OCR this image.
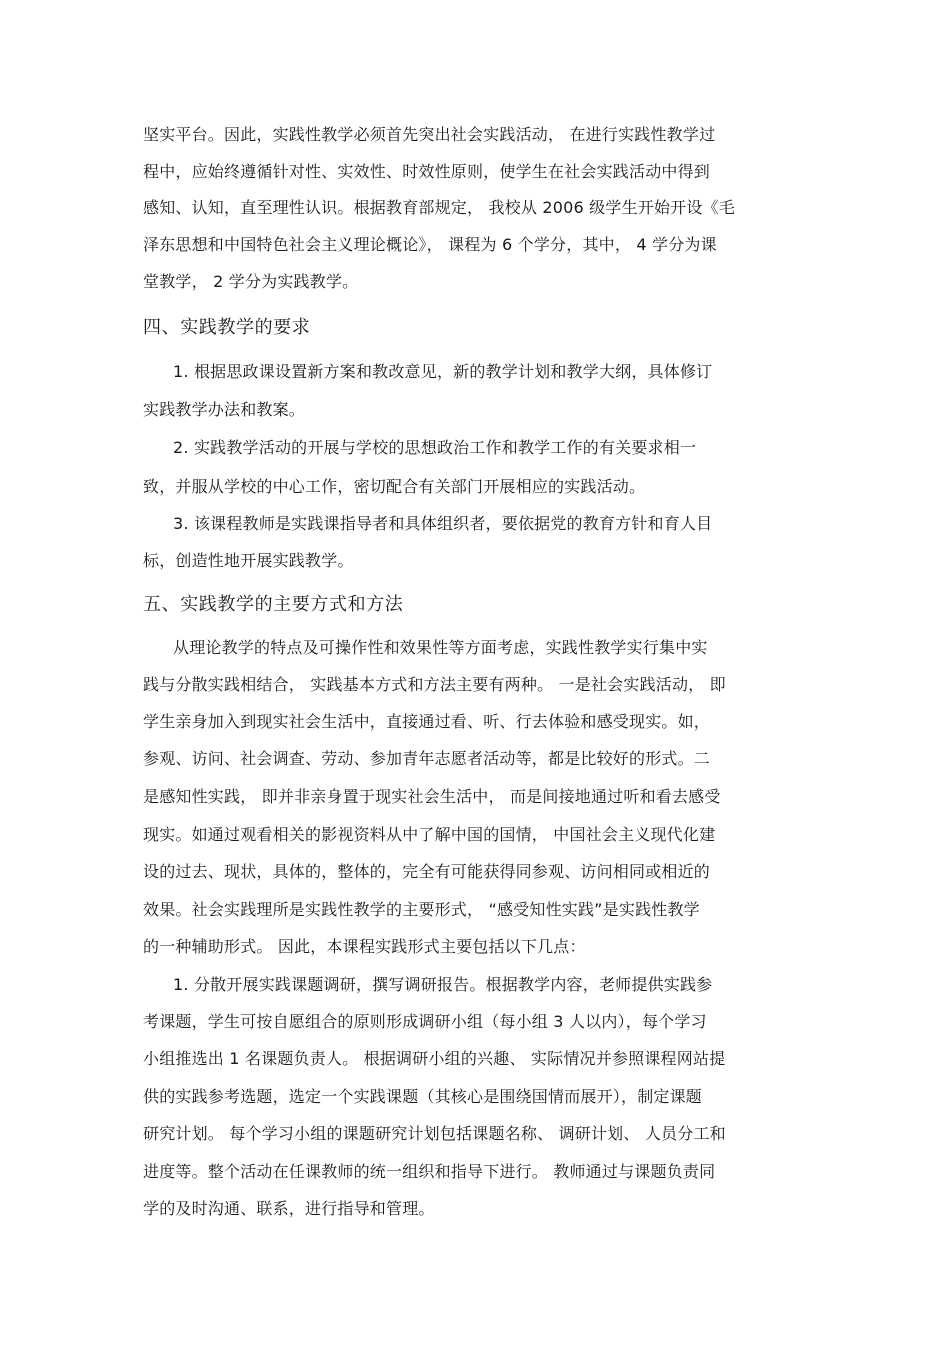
坚实平台。因此，实践性教学必须首先突出社会实践活动， 在进行实践性教学过
程中，应始终遵循针对性、实效性、时效性原则，使学生在社会实践活动中得到
感知、认知，直至理性认识。根据教育部规定， 我校从 2006 级学生开始开设《毛
泽东思想和中国特色社会主义理论概论》， 课程为 6 个学分，其中， 4 学分为课
堂教学， 2 学分为实践教学。
四、实践教学的要求
1. 根据思政课设置新方案和教改意见，新的教学计划和教学大纲，具体修订
实践教学办法和教案。
2. 实践教学活动的开展与学校的思想政治工作和教学工作的有关要求相一
致，并服从学校的中心工作，密切配合有关部门开展相应的实践活动。
3. 该课程教师是实践课指导者和具体组织者，要依据党的教育方针和育人目
标，创造性地开展实践教学。
五、实践教学的主要方式和方法
从理论教学的特点及可操作性和效果性等方面考虑，实践性教学实行集中实
践与分散实践相结合， 实践基本方式和方法主要有两种。 一是社会实践活动， 即
学生亲身加入到现实社会生活中，直接通过看、听、行去体验和感受现实。如，
参观、访问、社会调查、劳动、参加青年志愿者活动等，都是比较好的形式。二
是感知性实践， 即并非亲身置于现实社会生活中， 而是间接地通过听和看去感受
现实。如通过观看相关的影视资料从中了解中国的国情， 中国社会主义现代化建
设的过去、现状，具体的，整体的，完全有可能获得同参观、访问相同或相近的
效果。社会实践理所是实践性教学的主要形式， “感受知性实践”是实践性教学
的一种辅助形式。 因此，本课程实践形式主要包括以下几点：
1. 分散开展实践课题调研，撰写调研报告。根据教学内容，老师提供实践参
考课题，学生可按自愿组合的原则形成调研小组（每小组 3 人以内），每个学习
小组推选出 1 名课题负责人。 根据调研小组的兴趣、 实际情况并参照课程网站提
供的实践参考选题，选定一个实践课题（其核心是围绕国情而展开），制定课题
研究计划。 每个学习小组的课题研究计划包括课题名称、 调研计划、 人员分工和
进度等。整个活动在任课教师的统一组织和指导下进行。 教师通过与课题负责同
学的及时沟通、联系，进行指导和管理。
